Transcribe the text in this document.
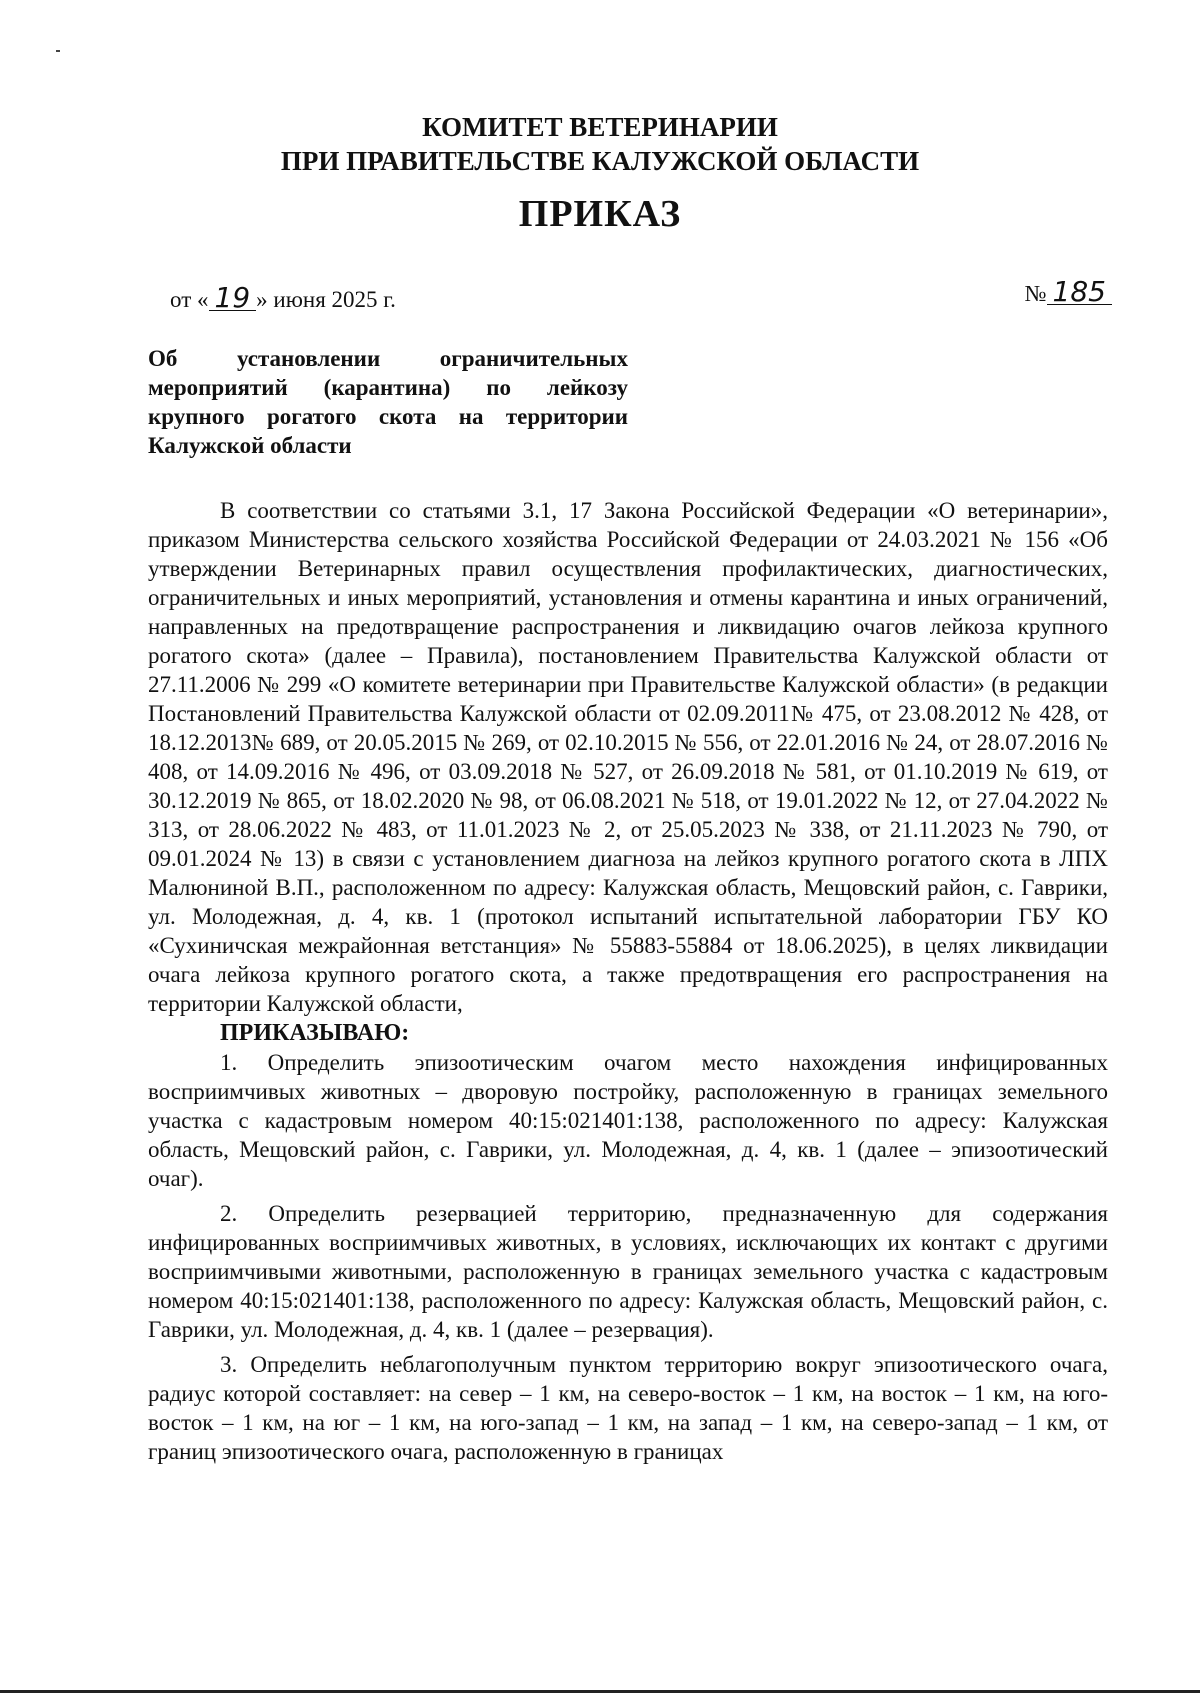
КОМИТЕТ ВЕТЕРИНАРИИ
ПРИ ПРАВИТЕЛЬСТВЕ КАЛУЖСКОЙ ОБЛАСТИ
ПРИКАЗ
от « 19 » июня 2025 г.	№ 185
Об установлении ограничительных мероприятий (карантина) по лейкозу крупного рогатого скота на территории Калужской области

В соответствии со статьями 3.1, 17 Закона Российской Федерации «О ветеринарии», приказом Министерства сельского хозяйства Российской Федерации от 24.03.2021 № 156 «Об утверждении Ветеринарных правил осуществления профилактических, диагностических, ограничительных и иных мероприятий, установления и отмены карантина и иных ограничений, направленных на предотвращение распространения и ликвидацию очагов лейкоза крупного рогатого скота» (далее – Правила), постановлением Правительства Калужской области от 27.11.2006 № 299 «О комитете ветеринарии при Правительстве Калужской области» (в редакции Постановлений Правительства Калужской области от 02.09.2011№ 475, от 23.08.2012 № 428, от 18.12.2013№ 689, от 20.05.2015 № 269, от 02.10.2015 № 556, от 22.01.2016 № 24, от 28.07.2016 № 408, от 14.09.2016 № 496, от 03.09.2018 № 527, от 26.09.2018 № 581, от 01.10.2019 № 619, от 30.12.2019 № 865, от 18.02.2020 № 98, от 06.08.2021 № 518, от 19.01.2022 № 12, от 27.04.2022 № 313, от 28.06.2022 № 483, от 11.01.2023 № 2, от 25.05.2023 № 338, от 21.11.2023 № 790, от 09.01.2024 № 13) в связи с установлением диагноза на лейкоз крупного рогатого скота в ЛПХ Малюниной В.П., расположенном по адресу: Калужская область, Мещовский район, с. Гаврики, ул. Молодежная, д. 4, кв. 1 (протокол испытаний испытательной лаборатории ГБУ КО «Сухиничская межрайонная ветстанция» № 55883-55884 от 18.06.2025), в целях ликвидации очага лейкоза крупного рогатого скота, а также предотвращения его распространения на территории Калужской области,

ПРИКАЗЫВАЮ:

1. Определить эпизоотическим очагом место нахождения инфицированных восприимчивых животных – дворовую постройку, расположенную в границах земельного участка с кадастровым номером 40:15:021401:138, расположенного по адресу: Калужская область, Мещовский район, с. Гаврики, ул. Молодежная, д. 4, кв. 1 (далее – эпизоотический очаг).

2. Определить резервацией территорию, предназначенную для содержания инфицированных восприимчивых животных, в условиях, исключающих их контакт с другими восприимчивыми животными, расположенную в границах земельного участка с кадастровым номером 40:15:021401:138, расположенного по адресу: Калужская область, Мещовский район, с. Гаврики, ул. Молодежная, д. 4, кв. 1 (далее – резервация).

3. Определить неблагополучным пунктом территорию вокруг эпизоотического очага, радиус которой составляет: на север – 1 км, на северо-восток – 1 км, на восток – 1 км, на юго-восток – 1 км, на юг – 1 км, на юго-запад – 1 км, на запад – 1 км, на северо-запад – 1 км, от границ эпизоотического очага, расположенную в границах
